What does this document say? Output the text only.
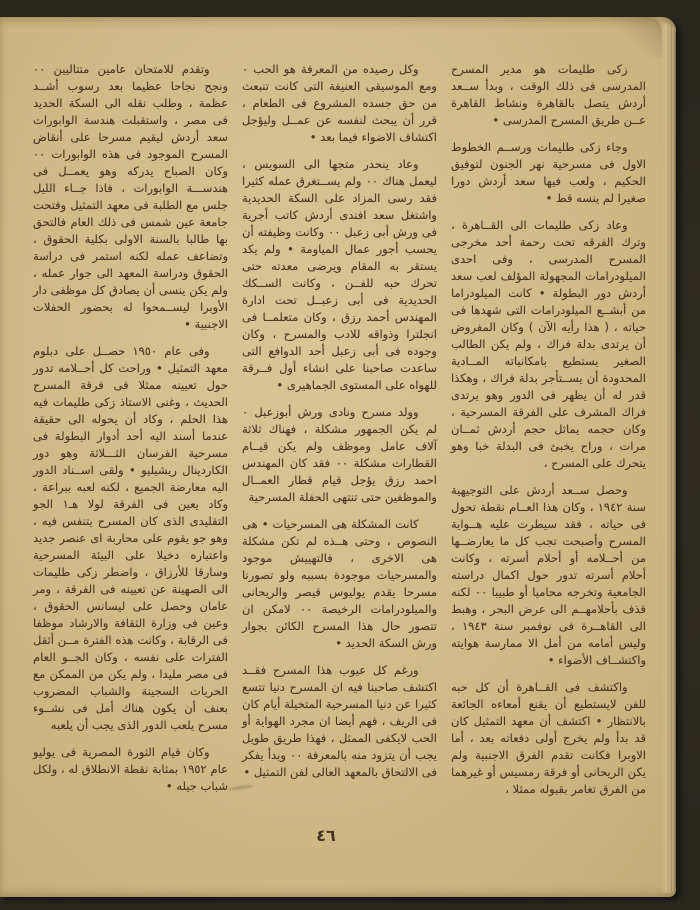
زكى طليمات هو مدير المسرح المدرسى فى ذلك الوقت ، وبدأ ســعد أردش يتصل بالقاهرة ونشاط القاهرة عــن طريق المسرح المدرسى •

وجاء زكى طليمات ورســم الخطوط الاول فى مسرحية نهر الجنون لتوفيق الحكيم ، ولعب فيها سعد أردش دورا صغيرا لم ينسه قط •

وعاد زكى طليمات الى القــاهرة ، وترك الفرقه تحت رحمة أحد مخرجى المسرح المدرسى ، وفى احدى الميلودرامات المجهولة المؤلف لعب سعد أردش دور البطولة • كانت الميلودراما من أبشــع الميلودرامات التى شهدها فى حياته ، ( هذا رأيه الآن ) وكان المفروض أن يرتدى بدلة فراك ، ولم يكن الطالب الصغير يستطيع بامكانياته المــادية المحدودة أن يســتأجر بدلة فراك ، وهكذا قدر له أن يظهر فى الدور وهو يرتدى فراك المشرف على الفرقة المسرحية ، وكان حجمه يماثل حجم أردش ثمــان مرات ، وراح يخبئ فى البدلة خبا وهو يتحرك على المسرح ،

وحصل ســعد أردش على التوجيهية سنة ١٩٤٢ ، وكان هذا العــام نقطة تحول فى حياته ، فقد سيطرت عليه هــواية المسرح وأصبحت تجب كل ما يعارضــها من أحــلامه أو أحلام أسرته ، وكانت أحلام أسرته تدور حول اكمال دراسته الجامعية وتخرجه محاميا أو طبيبا ٠٠ لكنه قذف بأحلامهــم الى عرض البحر ، وهبط الى القاهــرة فى نوفمبر سنة ١٩٤٣ ، وليس أمامه من أمل الا ممارسة هوايته واكتشــاف الأضواء •

واكتشف فى القــاهرة أن كل حبه للفن لايستطيع أن يقنع أمعاءه الجائعة بالانتظار • اكتشف أن معهد التمثيل كان قد بدأ ولم يخرج أولى دفعاته بعد ، أما الاوبرا فكانت تقدم الفرق الاجنبية ولم يكن الريحانى أو فرقة رمسيس أو غيرهما من الفرق تغامر بقبوله ممثلا ،

وكل رصيده من المعرفة هو الحب ٠ ومع الموسيقى العنيفة التى كانت تنبعث من حق جسده المشروع فى الطعام ، قرر أن يبحث لنفسه عن عمــل وليؤجل اكتشاف الاضواء فيما بعد •

وعاد ينحدر متجها الى السويس ، ليعمل هناك ٠٠ ولم يســتغرق عمله كثيرا فقد رسى المزاد على السكة الحديدية واشتغل سعد افندى أردش كاتب أجرية فى ورش أبى زعبل ٠٠ وكانت وظيفته أن يحسب أجور عمال المياومة • ولم يكد يستقر به المقام ويرضى معدته حتى تحرك حبه للفــن ، وكانت الســكك الحديدية فى أبى زعبــل تحت ادارة المهندس أحمد رزق ، وكان متعلمــا فى انجلترا وذواقه للادب والمسرح ، وكان وجوده فى أبى زعبل أحد الدوافع التى ساعدت صاحبنا على انشاء أول فــرقة للهواه على المستوى الجماهيرى •

وولد مسرح ونادى ورش أبوزعبل ٠ لم يكن الجمهور مشكلة ، فهناك ثلاثة آلاف عامل وموظف ولم يكن قيــام القطارات مشكلة ٠٠ فقد كان المهندس احمد رزق يؤجل قيام قطار العمــال والموظفين حتى تنتهى الحفلة المسرحية

كانت المشكلة هى المسرحيات • هى النصوص ، وحتى هــذه لم تكن مشكلة هى الاخرى ، فالتهييش موجود والمسرحيات موجودة بسببه ولو تصورنا مسرحا يقدم يوليوس قيصر والريحانى والميلودرامات الرخيصة ٠٠ لامكن ان تتصور حال هذا المسرح الكائن بجوار ورش السكة الحديد •

ورغم كل عيوب هذا المسرح فقــد اكتشف صاحبنا فيه ان المسرح دنيا تتسع كثيرا عن دنيا المسرحية المتخيلة أيام كان فى الريف ، فهم أيضا ان مجرد الهواية أو الحب لايكفى الممثل ، فهذا طريق طويل يجب أن يتزود منه بالمعرفة ٠٠ وبدأ يفكر فى الالتحاق بالمعهد العالى لفن التمثيل •

وتقدم للامتحان عامين متتاليين ٠٠ ونجح نجاحا عظيما بعد رسوب أشــد عظمة ، وطلب نقله الى السكة الحديد فى مصر ، واستقبلت هندسة الوابورات سعد أردش ليقيم مسرحا على أنقاض المسرح الموجود فى هذه الوابورات ٠٠ وكان الصباح يدركه وهو يعمــل فى هندســـة الوابورات ، فاذا جــاء الليل جلس مع الطلبة فى معهد التمثيل وفتحت جامعة عين شمس فى ذلك العام فالتحق بها طالبا بالسنة الاولى بكلية الحقوق ، وتضاعف عمله لكنه استمر فى دراسة الحقوق ودراسة المعهد الى جوار عمله ، ولم يكن ينسى أن يصادق كل موظفى دار الأوبرا ليســمحوا له بحضور الحفلات الاجنبية •

وفى عام ١٩٥٠ حصــل على دبلوم معهد التمثيل • وراحت كل أحــلامه تدور حول تعيينه ممثلا فى فرقة المسرح الحديث ، وغنى الاستاذ زكى طليمات فيه هذا الحلم ، وكاد أن يحوله الى حقيقة عندما أسند اليه أحد أدوار البطولة فى مسرحية الفرسان الثـــلاثة وهو دور الكاردينال ريشيليو • ولقى اســناد الدور اليه معارضة الجميع ، لكنه لعبه ببراعة ، وكاد يعين فى الفرقة لولا هـ١ الجو التقليدى الذى كان المسرح يتنفس فيه ، وهو جو يقوم على محاربة اى عنصر جديد واعتباره دخيلا على البيئة المسرحية وسارقا للأرزاق ، واضطر زكى طليمات الى الصهينة عن تعيينه فى الفرقة ، ومر عامان وحصل على ليسانس الحقوق ، وعين فى وزارة الثقافة والارشاد موظفا فى الرقابة ، وكانت هذه الفترة مــن أثقل الفترات على نفسه ، وكان الجــو العام فى مصر مليدا ، ولم يكن من الممكن مع الحريات السجينة والشباب المضروب بعنف أن يكون هناك أمل فى نشــوء مسرح يلعب الدور الذى يجب أن يلعبه

وكان قيام الثورة المصرية فى يوليو عام ١٩٥٢ بمثابة نقطة الانطلاق له ، ولكل شباب جيله •

٤٦
